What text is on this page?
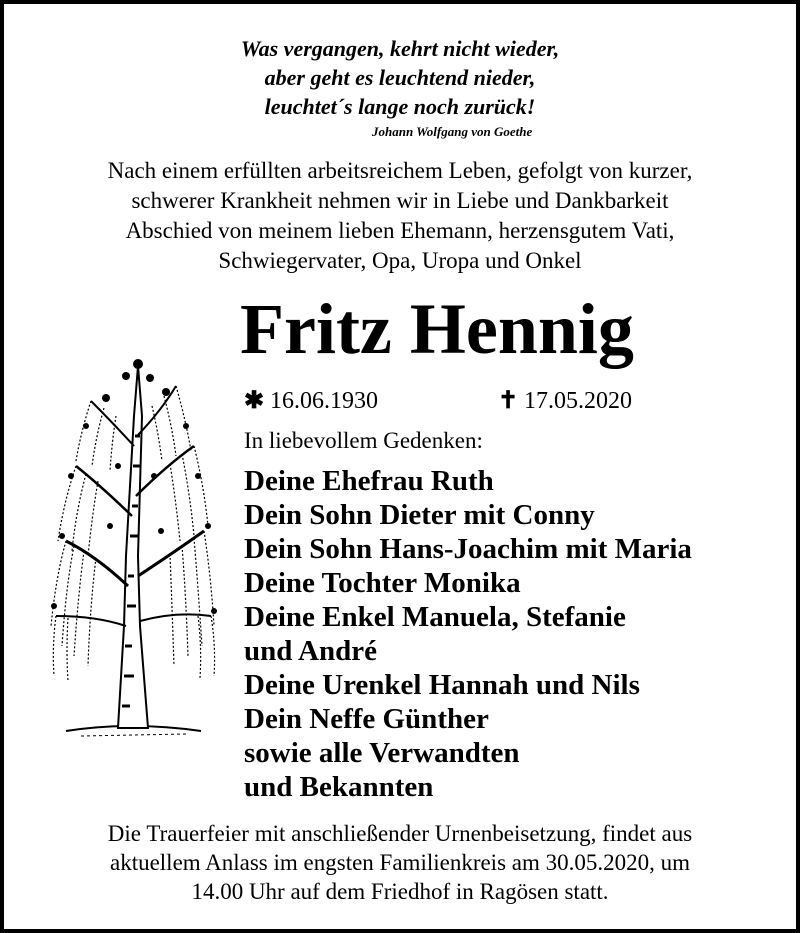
Was vergangen, kehrt nicht wieder,
aber geht es leuchtend nieder,
leuchtet´s lange noch zurück!
Johann Wolfgang von Goethe
Nach einem erfüllten arbeitsreichem Leben, gefolgt von kurzer,
schwerer Krankheit nehmen wir in Liebe und Dankbarkeit
Abschied von meinem lieben Ehemann, herzensgutem Vati,
Schwiegervater, Opa, Uropa und Onkel
Fritz Hennig
✱ 16.06.1930	✝ 17.05.2020
In liebevollem Gedenken:
Deine Ehefrau Ruth
Dein Sohn Dieter mit Conny
Dein Sohn Hans-Joachim mit Maria
Deine Tochter Monika
Deine Enkel Manuela, Stefanie
und André
Deine Urenkel Hannah und Nils
Dein Neffe Günther
sowie alle Verwandten
und Bekannten
Die Trauerfeier mit anschließender Urnenbeisetzung, findet aus
aktuellem Anlass im engsten Familienkreis am 30.05.2020, um
14.00 Uhr auf dem Friedhof in Ragösen statt.
